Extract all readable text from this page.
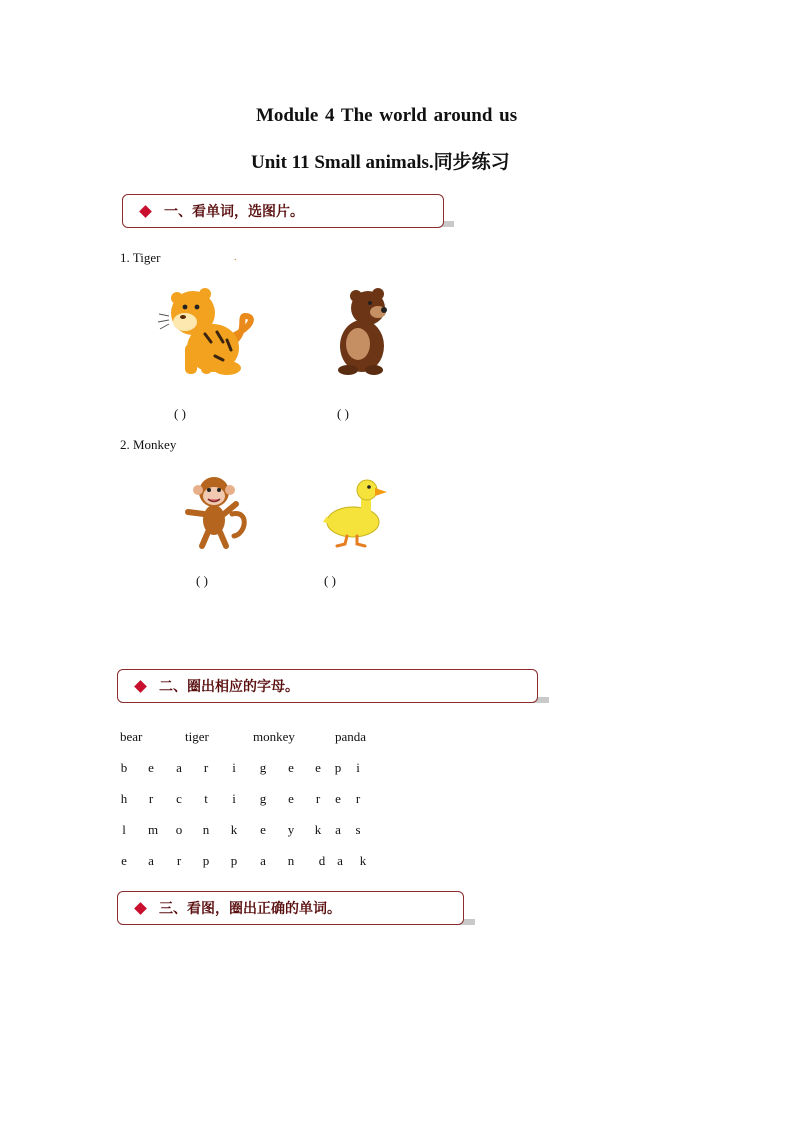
Module 4 The world around us
Unit 11 Small animals.同步练习
一、看单词，选图片。
1. Tiger	.
( )	( )
2. Monkey
( )	( )
二、圈出相应的字母。
bear	tiger	monkey	panda
b e a r	i	g e e p	i
h r c	t	i	g e r e r
l	m o n k e y k a s
e a r p p a n d a k
三、看图，圈出正确的单词。
